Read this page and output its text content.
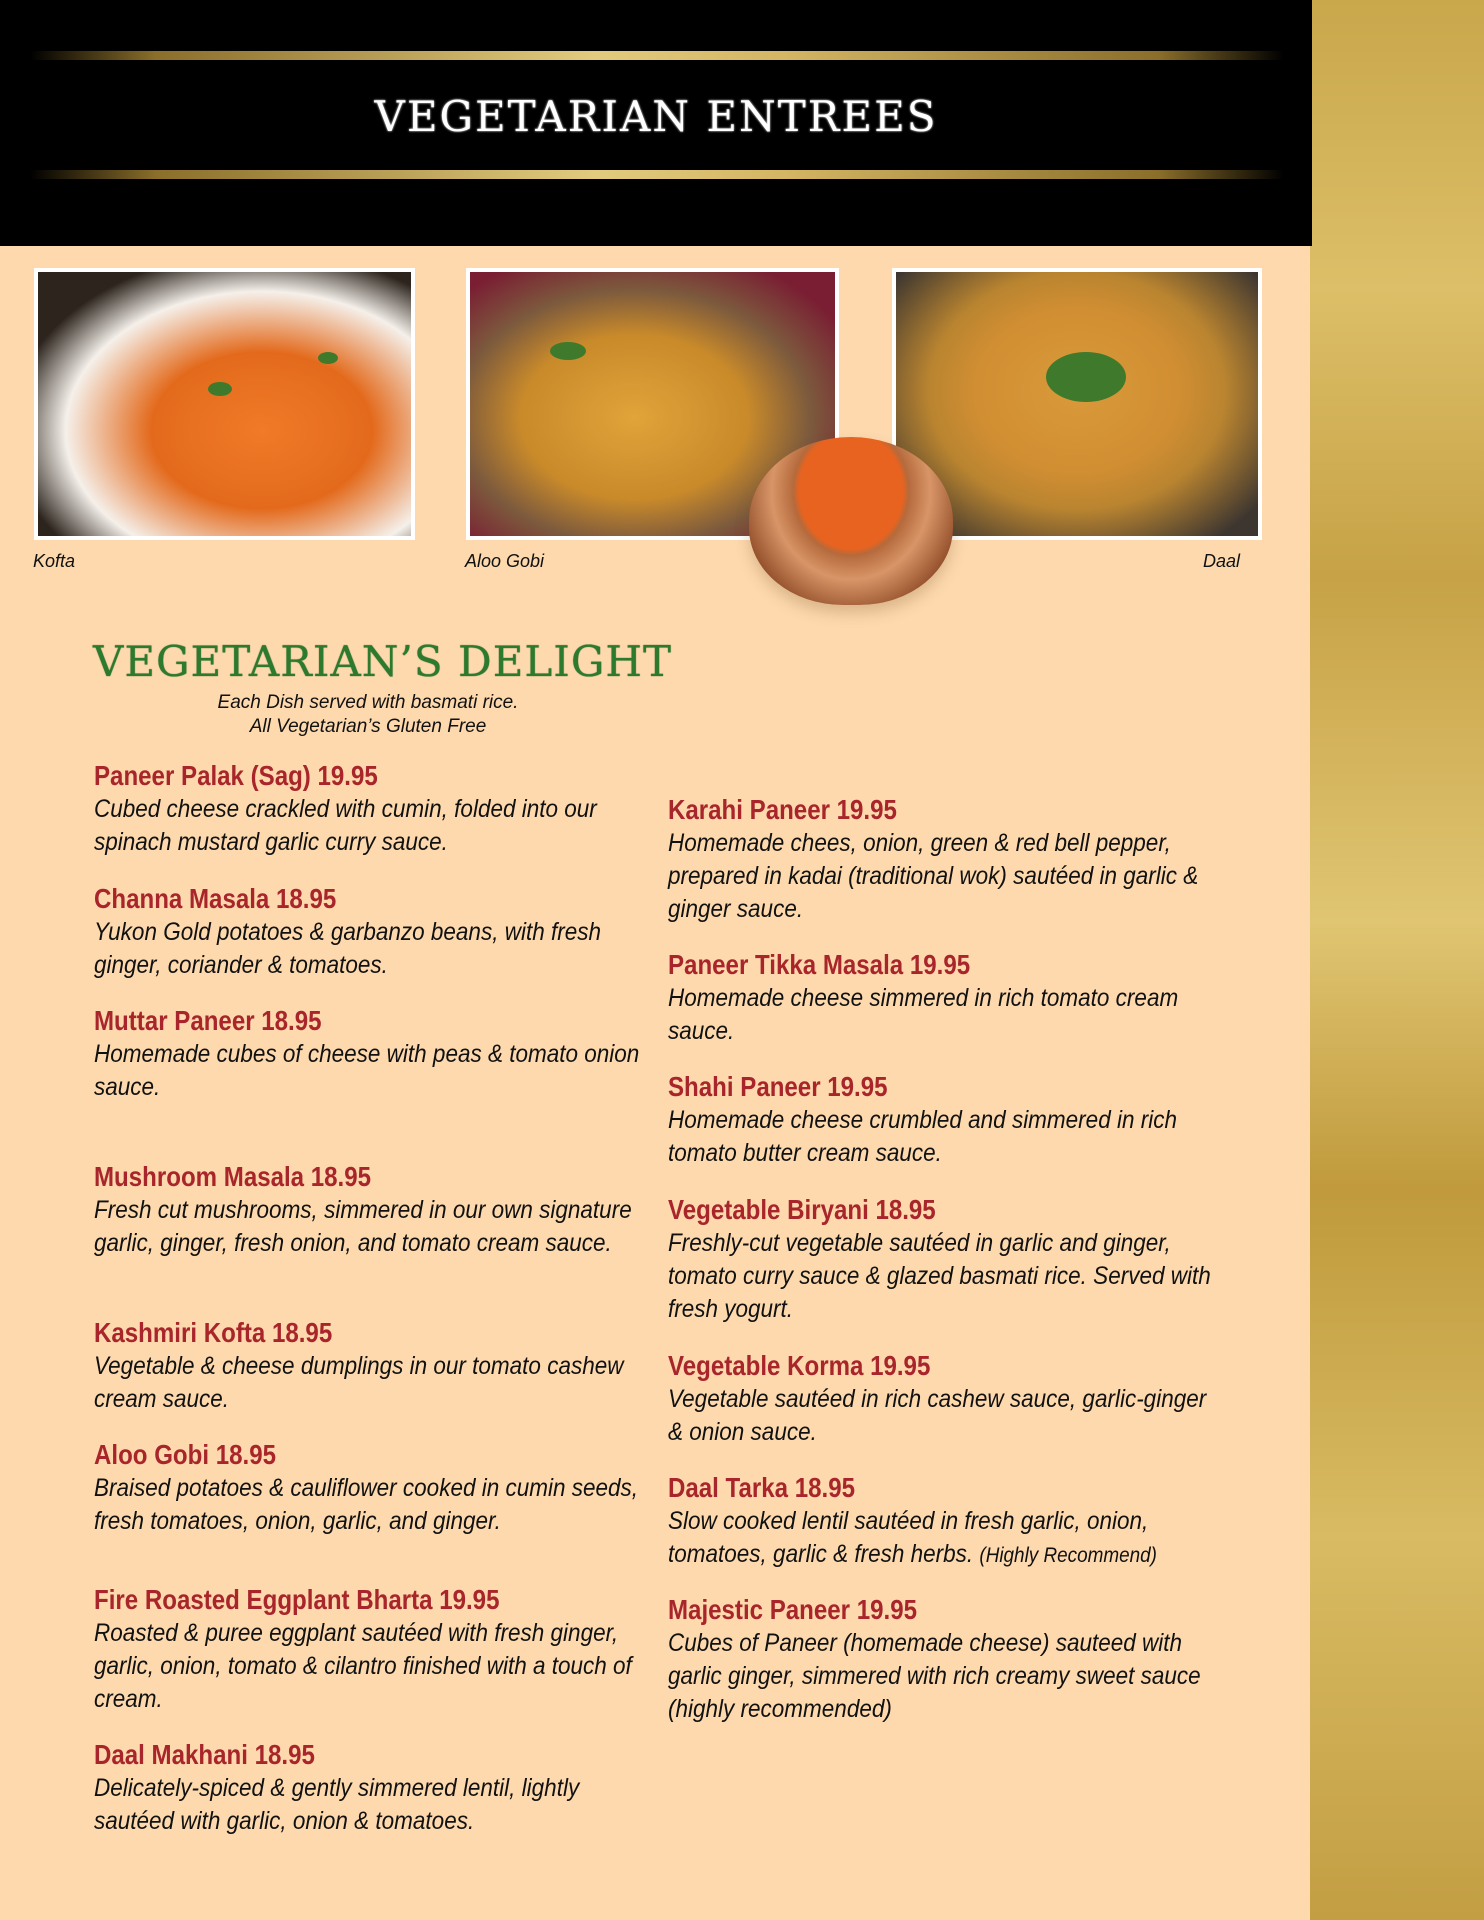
VEGETARIAN ENTREES
Kofta	Aloo Gobi	Daal
VEGETARIAN’S DELIGHT
Each Dish served with basmati rice.
All Vegetarian’s Gluten Free
Paneer Palak (Sag) 19.95
Cubed cheese crackled with cumin, folded into our spinach mustard garlic curry sauce.
Channa Masala 18.95
Yukon Gold potatoes & garbanzo beans, with fresh ginger, coriander & tomatoes.
Muttar Paneer 18.95
Homemade cubes of cheese with peas & tomato onion sauce.
Mushroom Masala 18.95
Fresh cut mushrooms, simmered in our own signature garlic, ginger, fresh onion, and tomato cream sauce.
Kashmiri Kofta 18.95
Vegetable & cheese dumplings in our tomato cashew cream sauce.
Aloo Gobi 18.95
Braised potatoes & cauliflower cooked in cumin seeds, fresh tomatoes, onion, garlic, and ginger.
Fire Roasted Eggplant Bharta 19.95
Roasted & puree eggplant sautéed with fresh ginger, garlic, onion, tomato & cilantro finished with a touch of cream.
Daal Makhani 18.95
Delicately-spiced & gently simmered lentil, lightly sautéed with garlic, onion & tomatoes.
Karahi Paneer 19.95
Homemade chees, onion, green & red bell pepper, prepared in kadai (traditional wok) sautéed in garlic & ginger sauce.
Paneer Tikka Masala 19.95
Homemade cheese simmered in rich tomato cream sauce.
Shahi Paneer 19.95
Homemade cheese crumbled and simmered in rich tomato butter cream sauce.
Vegetable Biryani 18.95
Freshly-cut vegetable sautéed in garlic and ginger, tomato curry sauce & glazed basmati rice. Served with fresh yogurt.
Vegetable Korma 19.95
Vegetable sautéed in rich cashew sauce, garlic-ginger & onion sauce.
Daal Tarka 18.95
Slow cooked lentil sautéed in fresh garlic, onion, tomatoes, garlic & fresh herbs. (Highly Recommend)
Majestic Paneer 19.95
Cubes of Paneer (homemade cheese) sauteed with garlic ginger, simmered with rich creamy sweet sauce (highly recommended)
